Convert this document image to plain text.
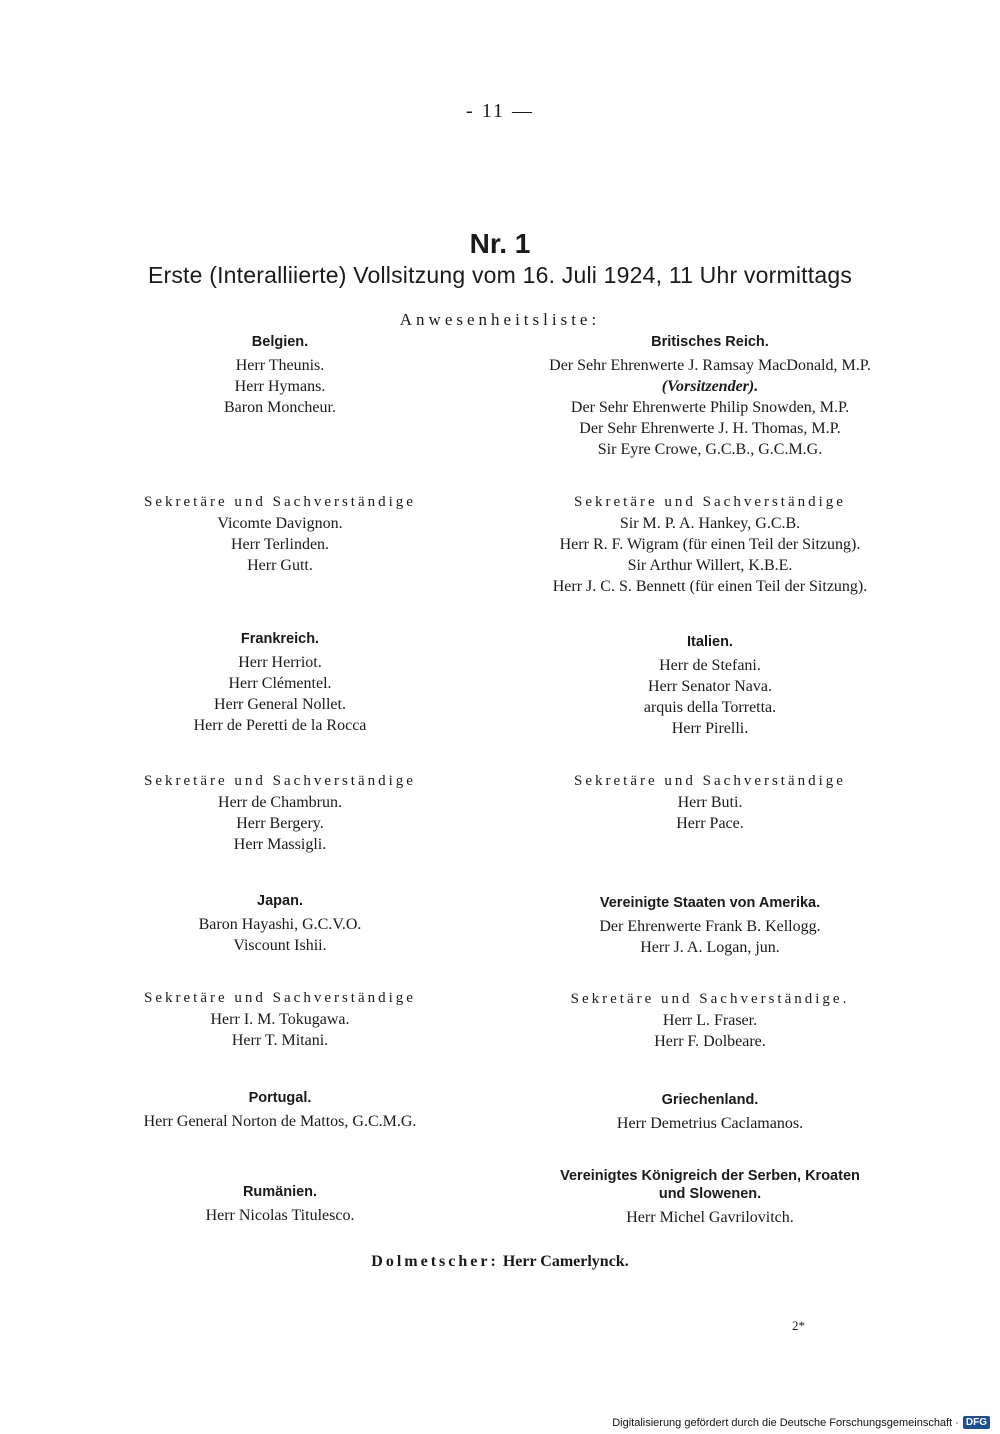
- 11 —
Nr. 1
Erste (Interalliierte) Vollsitzung vom 16. Juli 1924, 11 Uhr vormittags
Anwesenheitsliste:
Belgien.
Herr Theunis.
Herr Hymans.
Baron Moncheur.
Sekretäre und Sachverständige
Vicomte Davignon.
Herr Terlinden.
Herr Gutt.
Britisches Reich.
Der Sehr Ehrenwerte J. Ramsay MacDonald, M.P.
(Vorsitzender).
Der Sehr Ehrenwerte Philip Snowden, M.P.
Der Sehr Ehrenwerte J. H. Thomas, M.P.
Sir Eyre Crowe, G.C.B., G.C.M.G.
Sekretäre und Sachverständige
Sir M. P. A. Hankey, G.C.B.
Herr R. F. Wigram (für einen Teil der Sitzung).
Sir Arthur Willert, K.B.E.
Herr J. C. S. Bennett (für einen Teil der Sitzung).
Frankreich.
Herr Herriot.
Herr Clémentel.
Herr General Nollet.
Herr de Peretti de la Rocca
Sekretäre und Sachverständige
Herr de Chambrun.
Herr Bergery.
Herr Massigli.
Italien.
Herr de Stefani.
Herr Senator Nava.
arquis della Torretta.
Herr Pirelli.
Sekretäre und Sachverständige
Herr Buti.
Herr Pace.
Japan.
Baron Hayashi, G.C.V.O.
Viscount Ishii.
Sekretäre und Sachverständige
Herr I. M. Tokugawa.
Herr T. Mitani.
Vereinigte Staaten von Amerika.
Der Ehrenwerte Frank B. Kellogg.
Herr J. A. Logan, jun.
Sekretäre und Sachverständige.
Herr L. Fraser.
Herr F. Dolbeare.
Portugal.
Herr General Norton de Mattos, G.C.M.G.
Griechenland.
Herr Demetrius Caclamanos.
Rumänien.
Herr Nicolas Titulesco.
Vereinigtes Königreich der Serben, Kroaten
und Slowenen.
Herr Michel Gavrilovitch.
Dolmetscher: Herr Camerlynck.
2*
Digitalisierung gefördert durch die Deutsche Forschungsgemeinschaft · DFG
